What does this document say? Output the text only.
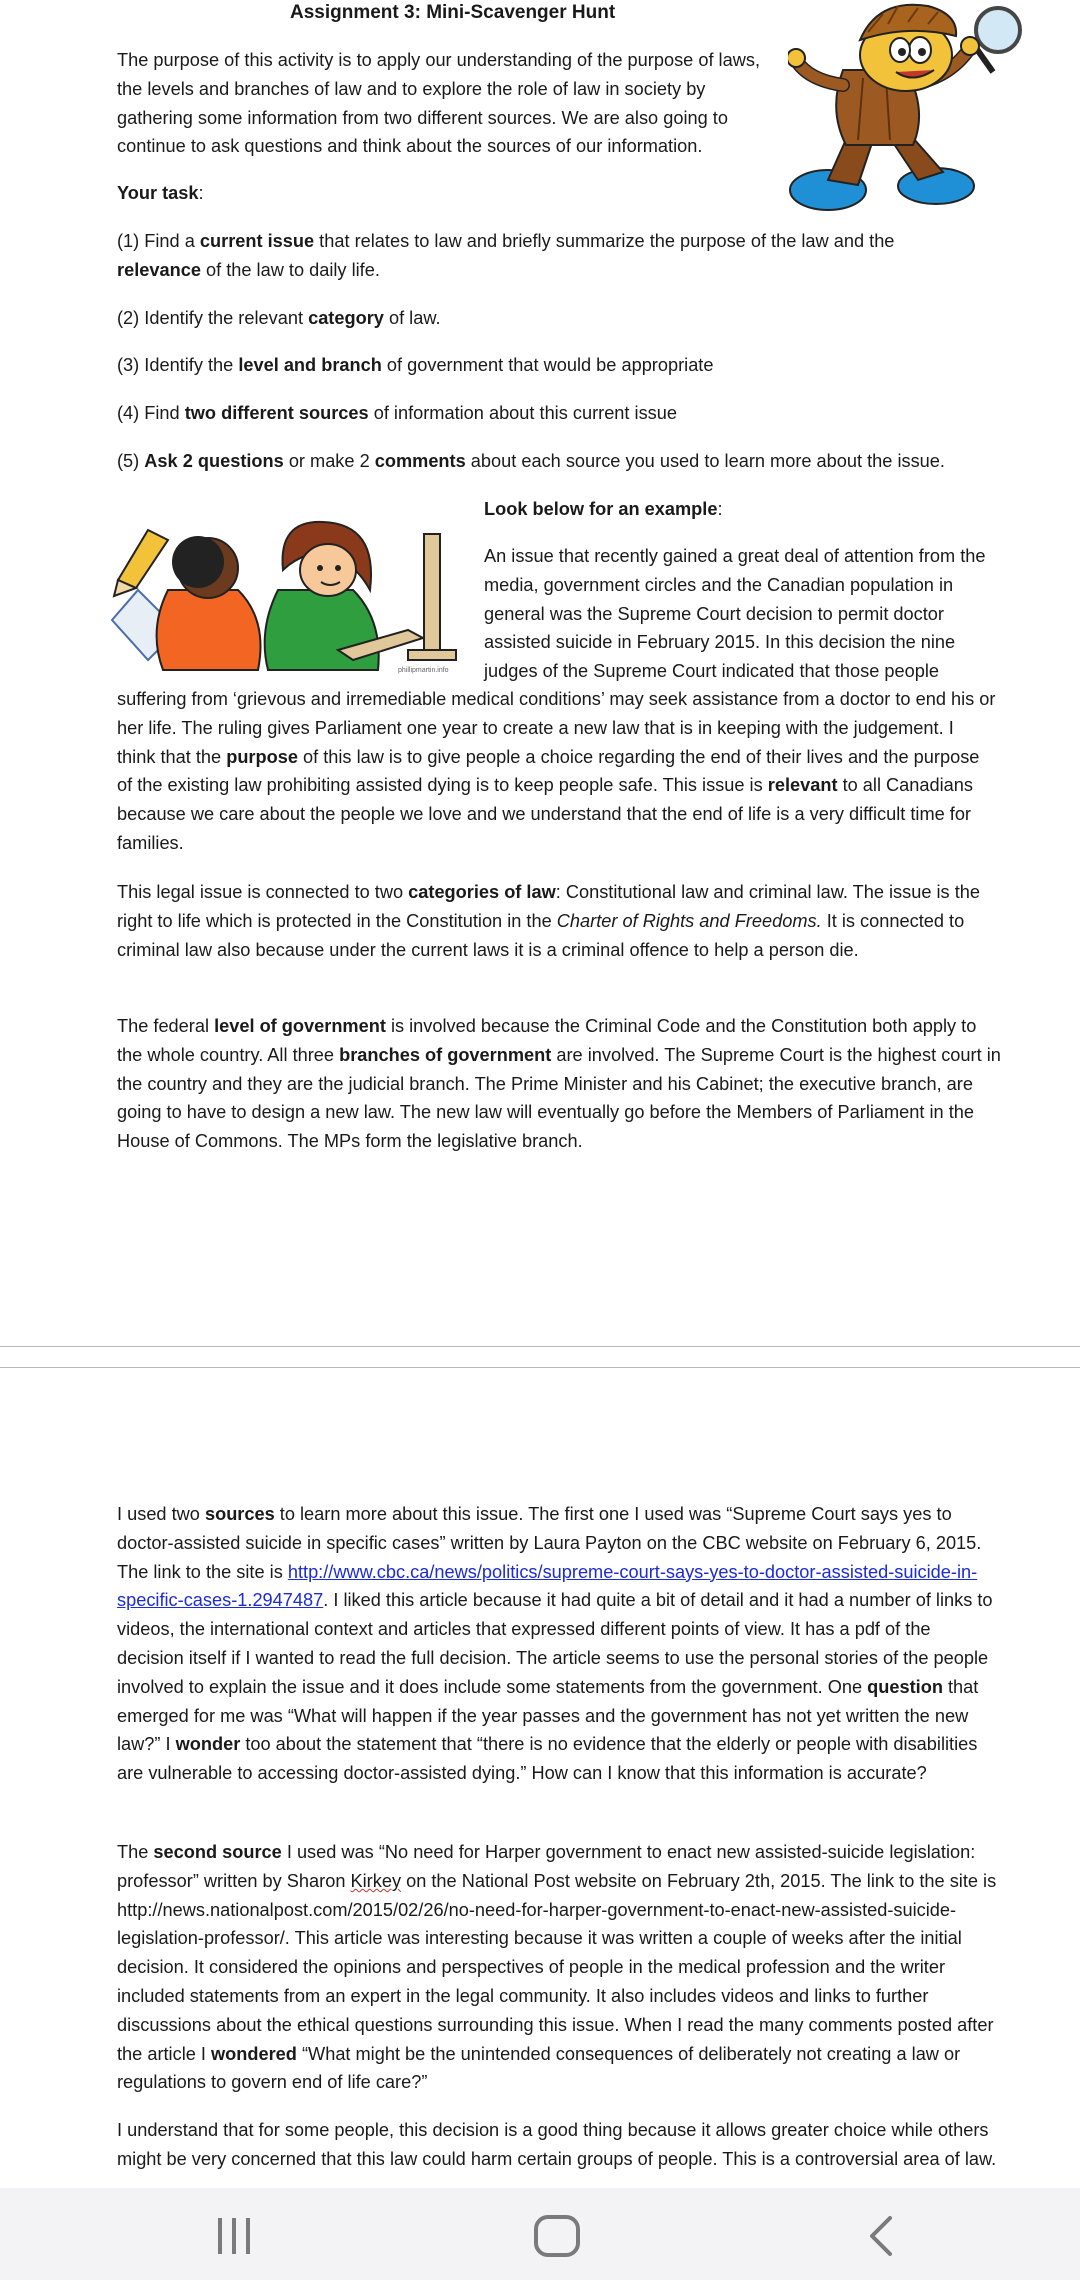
Assignment 3: Mini-Scavenger Hunt

The purpose of this activity is to apply our understanding of the purpose of laws, the levels and branches of law and to explore the role of law in society by gathering some information from two different sources. We are also going to continue to ask questions and think about the sources of our information.

Your task:

(1) Find a current issue that relates to law and briefly summarize the purpose of the law and the relevance of the law to daily life.

(2) Identify the relevant category of law.

(3) Identify the level and branch of government that would be appropriate

(4) Find two different sources of information about this current issue

(5) Ask 2 questions or make 2 comments about each source you used to learn more about the issue.

Look below for an example:

phillipmartin.info

An issue that recently gained a great deal of attention from the media, government circles and the Canadian population in general was the Supreme Court decision to permit doctor assisted suicide in February 2015. In this decision the nine judges of the Supreme Court indicated that those people

suffering from ‘grievous and irremediable medical conditions’ may seek assistance from a doctor to end his or her life. The ruling gives Parliament one year to create a new law that is in keeping with the judgement. I think that the purpose of this law is to give people a choice regarding the end of their lives and the purpose of the existing law prohibiting assisted dying is to keep people safe. This issue is relevant to all Canadians because we care about the people we love and we understand that the end of life is a very difficult time for families.

This legal issue is connected to two categories of law: Constitutional law and criminal law. The issue is the right to life which is protected in the Constitution in the Charter of Rights and Freedoms. It is connected to criminal law also because under the current laws it is a criminal offence to help a person die.

The federal level of government is involved because the Criminal Code and the Constitution both apply to the whole country. All three branches of government are involved. The Supreme Court is the highest court in the country and they are the judicial branch. The Prime Minister and his Cabinet; the executive branch, are going to have to design a new law. The new law will eventually go before the Members of Parliament in the House of Commons. The MPs form the legislative branch.

I used two sources to learn more about this issue. The first one I used was “Supreme Court says yes to doctor-assisted suicide in specific cases” written by Laura Payton on the CBC website on February 6, 2015. The link to the site is http://www.cbc.ca/news/politics/supreme-court-says-yes-to-doctor-assisted-suicide-in-specific-cases-1.2947487. I liked this article because it had quite a bit of detail and it had a number of links to videos, the international context and articles that expressed different points of view. It has a pdf of the decision itself if I wanted to read the full decision. The article seems to use the personal stories of the people involved to explain the issue and it does include some statements from the government. One question that emerged for me was “What will happen if the year passes and the government has not yet written the new law?” I wonder too about the statement that “there is no evidence that the elderly or people with disabilities are vulnerable to accessing doctor-assisted dying.” How can I know that this information is accurate?

The second source I used was “No need for Harper government to enact new assisted-suicide legislation: professor” written by Sharon Kirkey on the National Post website on February 2th, 2015. The link to the site is http://news.nationalpost.com/2015/02/26/no-need-for-harper-government-to-enact-new-assisted-suicide-legislation-professor/. This article was interesting because it was written a couple of weeks after the initial decision. It considered the opinions and perspectives of people in the medical profession and the writer included statements from an expert in the legal community. It also includes videos and links to further discussions about the ethical questions surrounding this issue. When I read the many comments posted after the article I wondered “What might be the unintended consequences of deliberately not creating a law or regulations to govern end of life care?”

I understand that for some people, this decision is a good thing because it allows greater choice while others might be very concerned that this law could harm certain groups of people. This is a controversial area of law.
